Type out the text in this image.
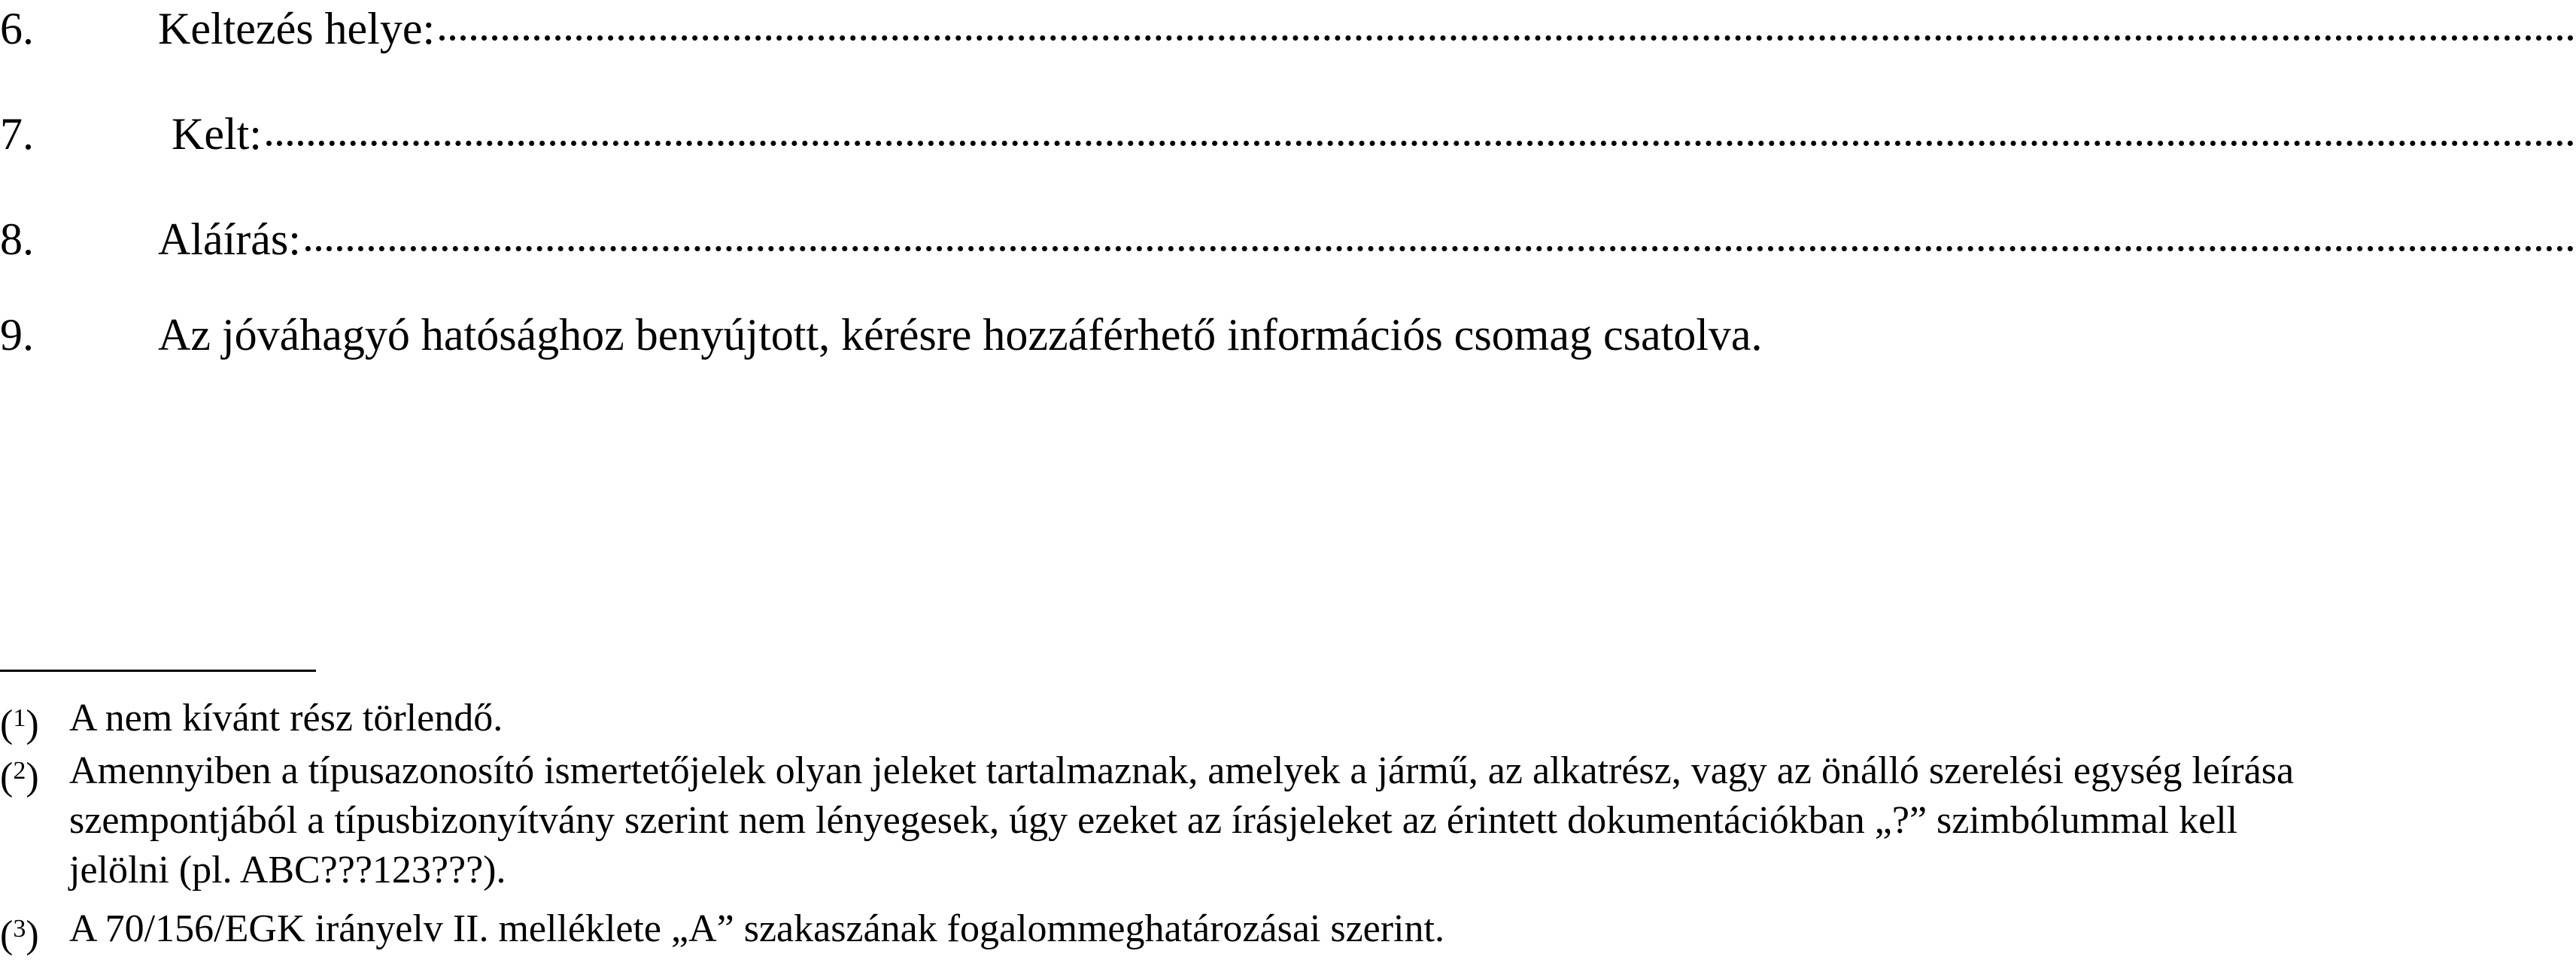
6.	Keltezés helye:
7.	Kelt:
8.	Aláírás:
9.	Az jóváhagyó hatósághoz benyújtott, kérésre hozzáférhető információs csomag csatolva.
($^1$) A nem kívánt rész törlendő.
($^2$) Amennyiben a típusazonosító ismertetőjelek olyan jeleket tartalmaznak, amelyek a jármű, az alkatrész, vagy az önálló szerelési egység leírása
szempontjából a típusbizonyítvány szerint nem lényegesek, úgy ezeket az írásjeleket az érintett dokumentációkban „?” szimbólummal kell
jelölni (pl. ABC???123???).
($^3$) A 70/156/EGK irányelv II. melléklete „A” szakaszának fogalommeghatározásai szerint.
